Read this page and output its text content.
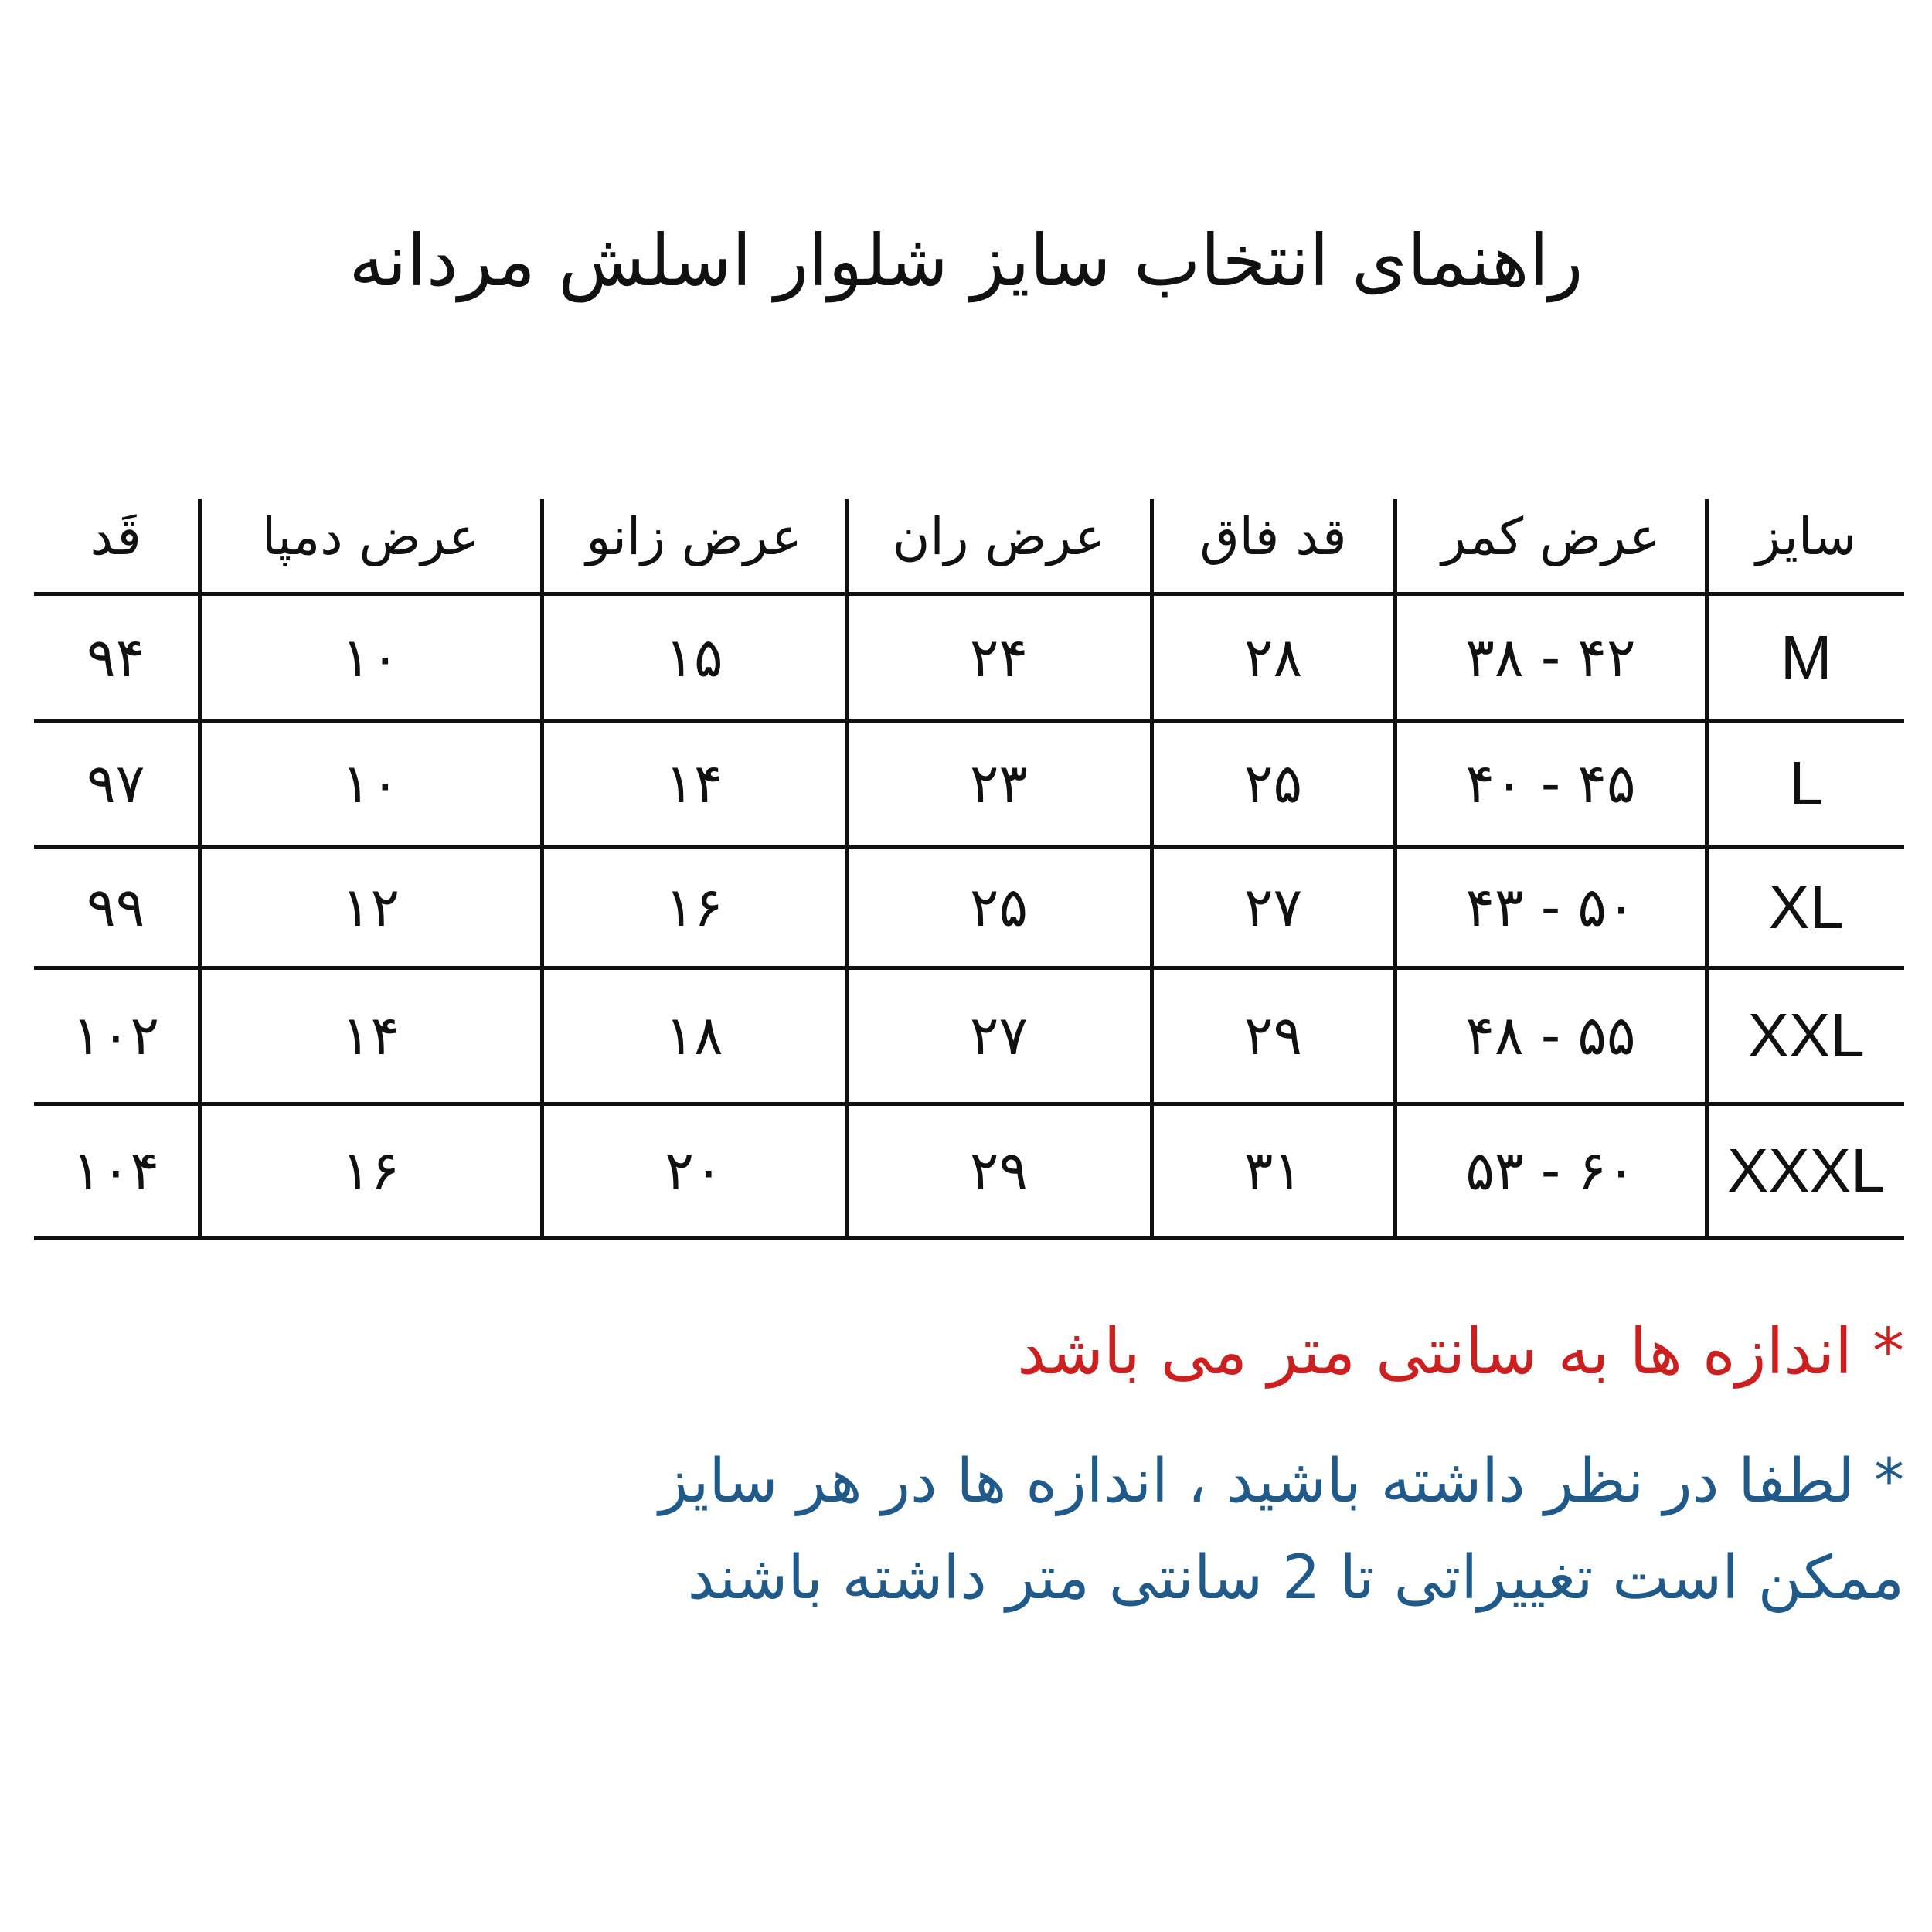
راهنمای انتخاب سایز شلوار اسلش مردانه
سایز	عرض کمر	قد فاق	عرض ران	عرض زانو	عرض دمپا	قَد
M	۳۸ - ۴۲	۲۸	۲۴	۱۵	۱۰	۹۴
L	۴۰ - ۴۵	۲۵	۲۳	۱۴	۱۰	۹۷
XL	۴۳ - ۵۰	۲۷	۲۵	۱۶	۱۲	۹۹
XXL	۴۸ - ۵۵	۲۹	۲۷	۱۸	۱۴	۱۰۲
XXXL	۵۳ - ۶۰	۳۱	۲۹	۲۰	۱۶	۱۰۴
* اندازه ها به سانتی متر می باشد
* لطفا در نظر داشته باشید ، اندازه ها در هر سایز
ممکن است تغییراتی تا 2 سانتی متر داشته باشند
